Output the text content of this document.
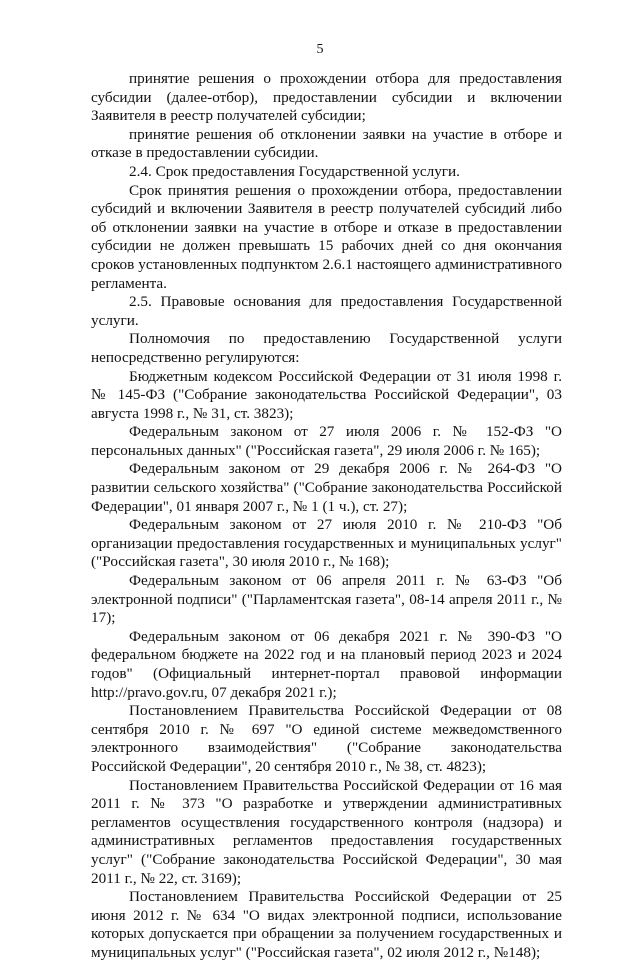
5

принятие решения о прохождении отбора для предоставления субсидии (далее-отбор), предоставлении субсидии и включении Заявителя в реестр получателей субсидии;

принятие решения об отклонении заявки на участие в отборе и отказе в предоставлении субсидии.

2.4. Срок предоставления Государственной услуги.

Срок принятия решения о прохождении отбора, предоставлении субсидий и включении Заявителя в реестр получателей субсидий либо об отклонении заявки на участие в отборе и отказе в предоставлении субсидии не должен превышать 15 рабочих дней со дня окончания сроков установленных подпунктом 2.6.1 настоящего административного регламента.

2.5. Правовые основания для предоставления Государственной услуги.

Полномочия по предоставлению Государственной услуги непосредственно регулируются:

Бюджетным кодексом Российской Федерации от 31 июля 1998 г. № 145-ФЗ ("Собрание законодательства Российской Федерации", 03 августа 1998 г., № 31, ст. 3823);

Федеральным законом от 27 июля 2006 г. № 152-ФЗ "О персональных данных" ("Российская газета", 29 июля 2006 г. № 165);

Федеральным законом от 29 декабря 2006 г. № 264-ФЗ "О развитии сельского хозяйства" ("Собрание законодательства Российской Федерации", 01 января 2007 г., № 1 (1 ч.), ст. 27);

Федеральным законом от 27 июля 2010 г. № 210-ФЗ "Об организации предоставления государственных и муниципальных услуг" ("Российская газета", 30 июля 2010 г., № 168);

Федеральным законом от 06 апреля 2011 г. № 63-ФЗ "Об электронной подписи" ("Парламентская газета", 08-14 апреля 2011 г., № 17);

Федеральным законом от 06 декабря 2021 г. № 390-ФЗ "О федеральном бюджете на 2022 год и на плановый период 2023 и 2024 годов" (Официальный интернет-портал правовой информации http://pravo.gov.ru, 07 декабря 2021 г.);

Постановлением Правительства Российской Федерации от 08 сентября 2010 г. № 697 "О единой системе межведомственного электронного взаимодействия" ("Собрание законодательства Российской Федерации", 20 сентября 2010 г., № 38, ст. 4823);

Постановлением Правительства Российской Федерации от 16 мая 2011 г. № 373 "О разработке и утверждении административных регламентов осуществления государственного контроля (надзора) и административных регламентов предоставления государственных услуг" ("Собрание законодательства Российской Федерации", 30 мая 2011 г., № 22, ст. 3169);

Постановлением Правительства Российской Федерации от 25 июня 2012 г. № 634 "О видах электронной подписи, использование которых допускается при обращении за получением государственных и муниципальных услуг" ("Российская газета", 02 июля 2012 г., №148);
